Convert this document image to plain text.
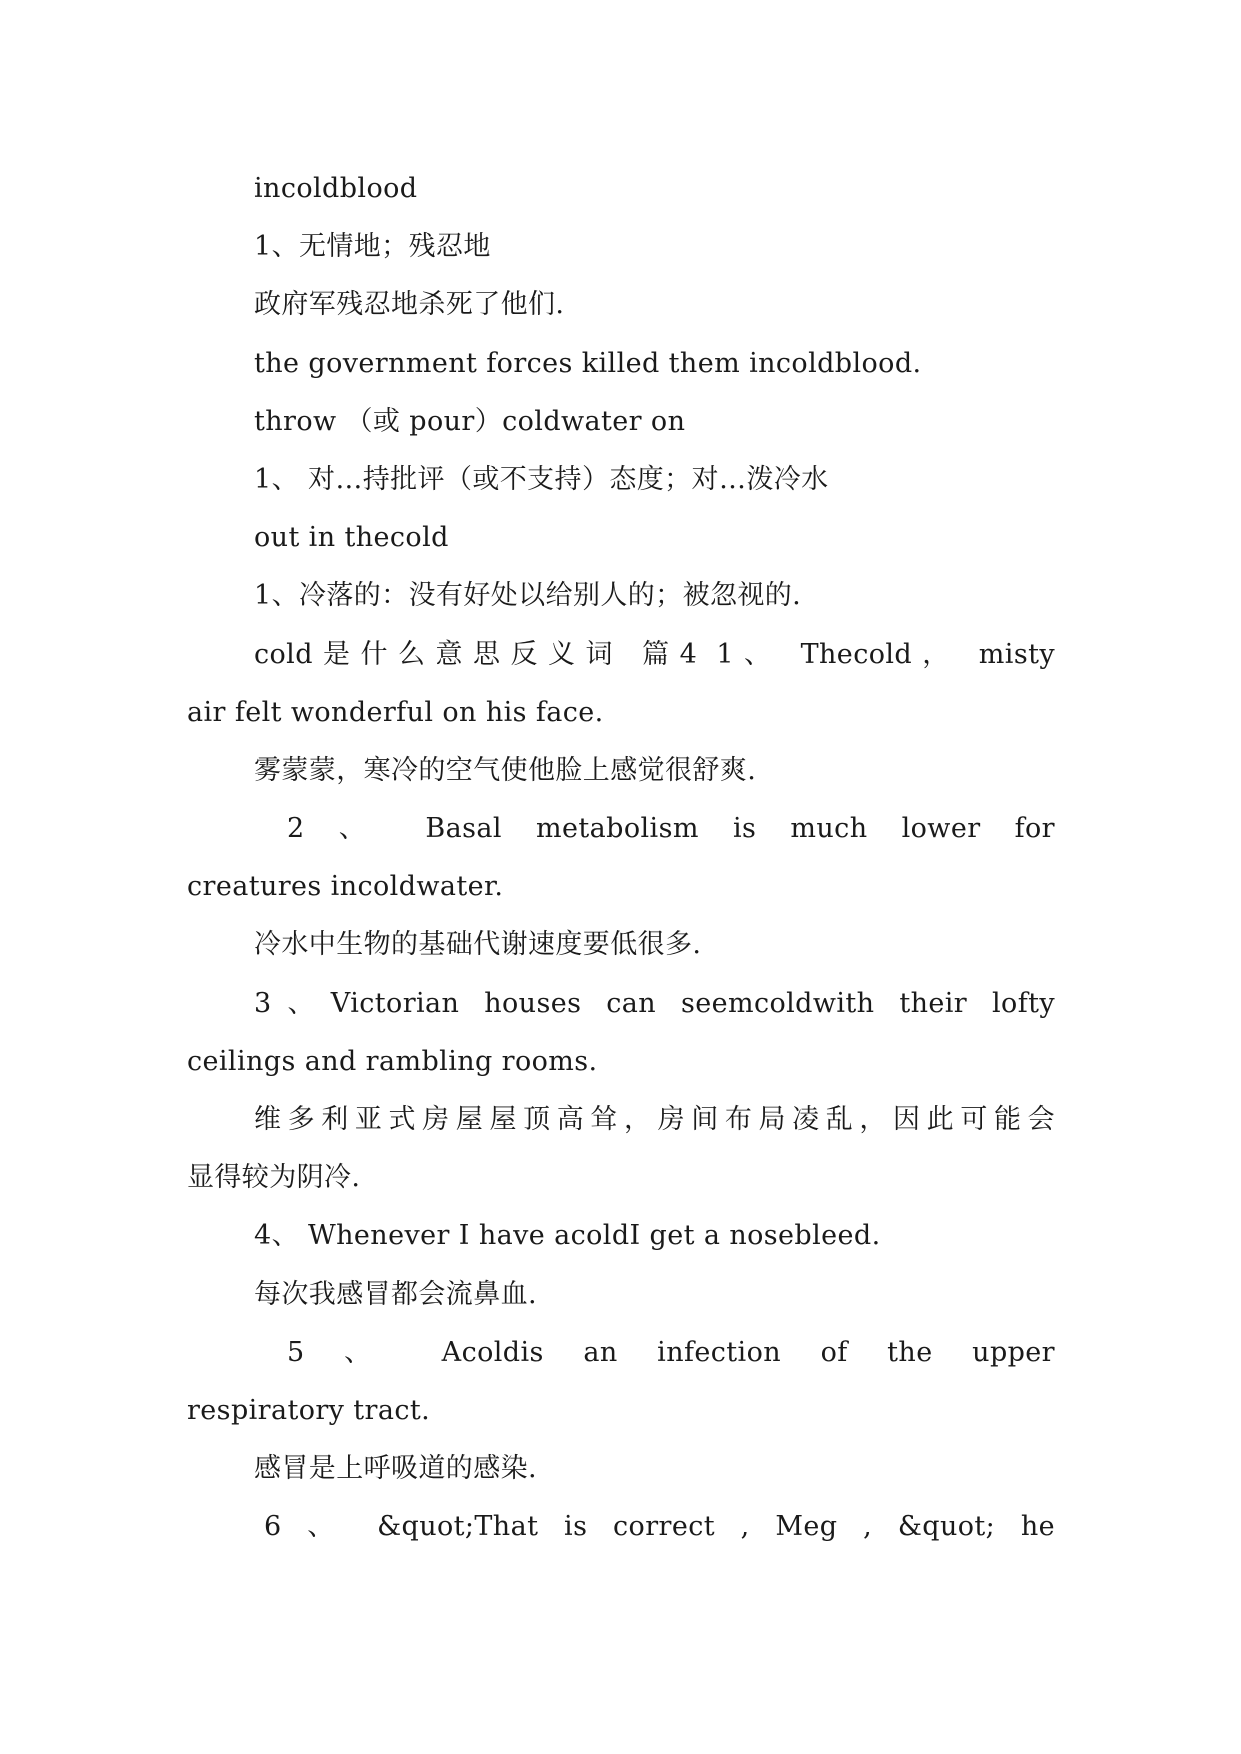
incoldblood

1、无情地；残忍地

政府军残忍地杀死了他们.

the government forces killed them incoldblood.

throw （或 pour）coldwater on

1、 对…持批评（或不支持）态度；对…泼冷水

out in thecold

1、冷落的：没有好处以给别人的；被忽视的.

cold是什么意思反义词 篇4 1、 Thecold， misty

air felt wonderful on his face.

雾蒙蒙，寒冷的空气使他脸上感觉很舒爽.

2 、 Basal metabolism is much lower for

creatures incoldwater.

冷水中生物的基础代谢速度要低很多.

3、Victorian houses can seemcoldwith their lofty

ceilings and rambling rooms.

维多利亚式房屋屋顶高耸，房间布局凌乱，因此可能会

显得较为阴冷.

4、 Whenever I have acoldI get a nosebleed.

每次我感冒都会流鼻血.

5 、 Acoldis an infection of the upper

respiratory tract.

感冒是上呼吸道的感染.

6 、 &quot;That is correct , Meg , &quot; he
